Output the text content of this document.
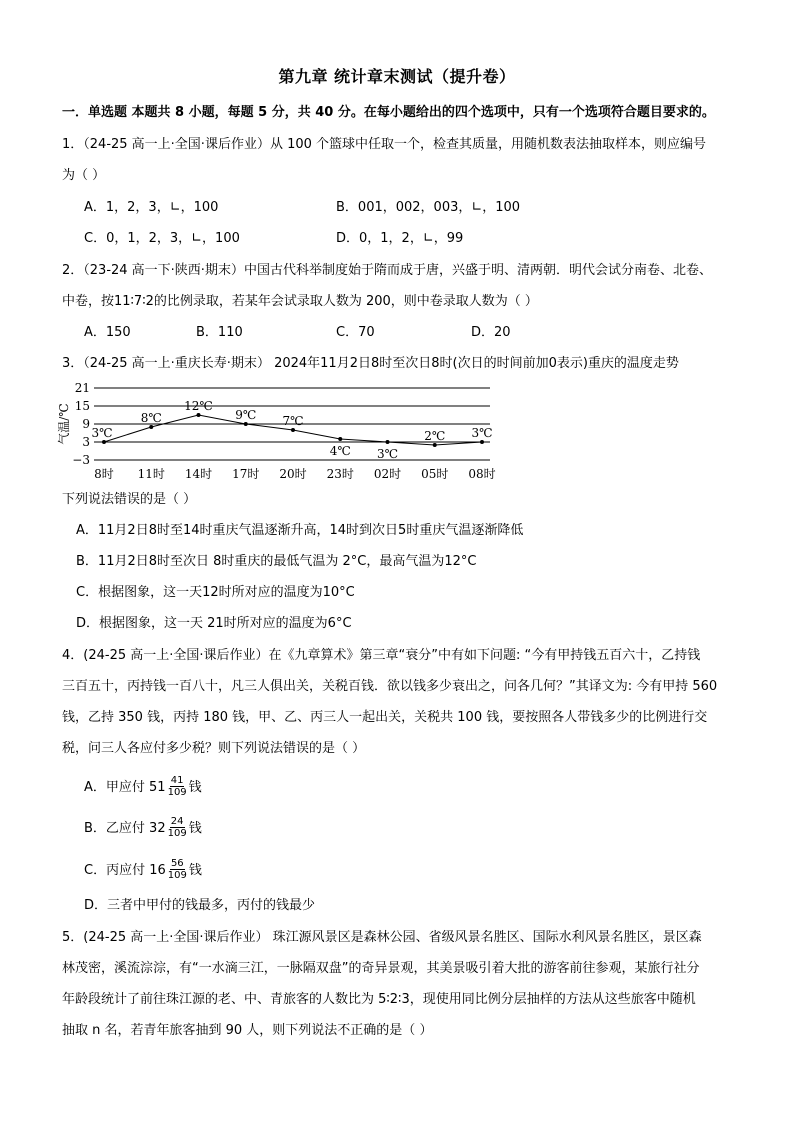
第九章 统计章末测试（提升卷）
一．单选题 本题共 8 小题，每题 5 分，共 40 分。在每小题给出的四个选项中，只有一个选项符合题目要求的。
1．（24-25 高一上·全国·课后作业）从 100 个篮球中任取一个，检查其质量，用随机数表法抽取样本，则应编号
为（ ）
A．1，2，3，∟，100	B．001，002，003，∟，100
C．0，1，2，3，∟，100	D．0，1，2，∟，99
2．（23-24 高一下·陕西·期末）中国古代科举制度始于隋而成于唐，兴盛于明、清两朝．明代会试分南卷、北卷、
中卷，按11∶7∶2的比例录取，若某年会试录取人数为 200，则中卷录取人数为（ ）
A．150	B．110	C．70	D．20
3．（24-25 高一上·重庆长寿·期末） 2024年11月2日8时至次日8时(次日的时间前加0表示)重庆的温度走势
21
15
9
3
−3
气温/℃ 3℃
8℃
12℃
9℃ 7℃
4℃ 3℃
2℃ 3℃
8时 11时 14时 17时 20时 23时 02时 05时 08时
下列说法错误的是（ ）
A．11月2日8时至14时重庆气温逐渐升高，14时到次日5时重庆气温逐渐降低
B．11月2日8时至次日 8时重庆的最低气温为 2°C，最高气温为12°C
C．根据图象，这一天12时所对应的温度为10°C
D．根据图象，这一天 21时所对应的温度为6°C
4．(24-25 高一上·全国·课后作业）在《九章算术》第三章“衰分”中有如下问题: “今有甲持钱五百六十，乙持钱
三百五十，丙持钱一百八十，凡三人俱出关，关税百钱．欲以钱多少衰出之，问各几何？”其译文为: 今有甲持 560
钱，乙持 350 钱，丙持 180 钱，甲、乙、丙三人一起出关，关税共 100 钱，要按照各人带钱多少的比例进行交
税，问三人各应付多少税？则下列说法错误的是（ ）
A．甲应付 $51 \frac{41}{109}$ 钱
B．乙应付 $32 \frac{24}{109}$ 钱
C．丙应付 $16 \frac{56}{109}$ 钱
D．三者中甲付的钱最多，丙付的钱最少
5．(24-25 高一上·全国·课后作业） 珠江源风景区是森林公园、省级风景名胜区、国际水利风景名胜区，景区森
林茂密，溪流淙淙，有“一水滴三江，一脉隔双盘”的奇异景观，其美景吸引着大批的游客前往参观，某旅行社分
年龄段统计了前往珠江源的老、中、青旅客的人数比为 5∶2∶3，现使用同比例分层抽样的方法从这些旅客中随机
抽取 n 名，若青年旅客抽到 90 人，则下列说法不正确的是（ ）
